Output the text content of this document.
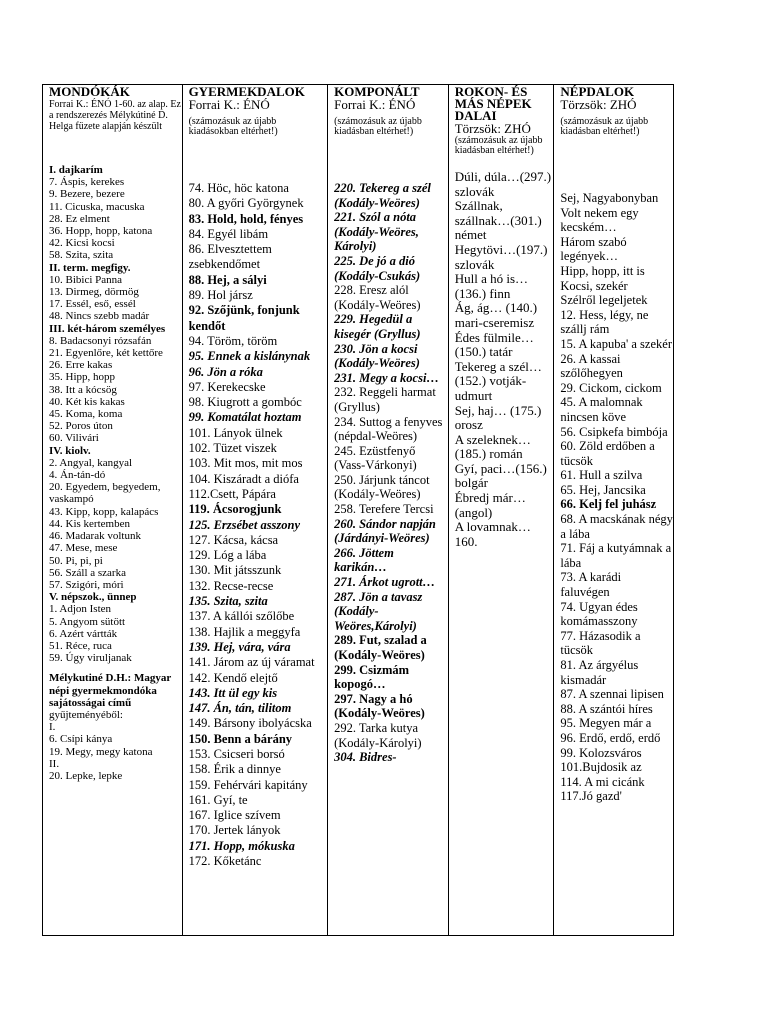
MONDÓKÁK
Forrai K.: ÉNÓ 1-60. az alap. Ez a rendszerezés Mélykútiné D. Helga füzete alapján készült
I. dajkarím
7. Áspis, kerekes
9. Bezere, bezere
11. Cicuska, macuska
28. Ez elment
36. Hopp, hopp, katona
42. Kicsi kocsi
58. Szita, szita
II. term. megfigy.
10. Bibici Panna
13. Dirmeg, dörmög
17. Essél, eső, essél
48. Nincs szebb madár
III. két-három személyes
8. Badacsonyi rózsafán
21. Egyenlőre, két kettőre
26. Erre kakas
35. Hipp, hopp
38. Itt a kócsög
40. Két kis kakas
45. Koma, koma
52. Poros úton
60. Vilivári
IV. kiolv.
2. Angyal, kangyal
4. Án-tán-dó
20. Egyedem, begyedem, vaskampó
43. Kipp, kopp, kalapács
44. Kis kertemben
46. Madarak voltunk
47. Mese, mese
50. Pi, pi, pi
56. Száll a szarka
57. Szigóri, móri
V. népszok., ünnep
1. Adjon Isten
5. Angyom sütött
6. Azért vártták
51. Réce, ruca
59. Úgy viruljanak
Mélykutiné D.H.: Magyar népi gyermekmondóka sajátosságai című
gyűjteményéből:
I.
6. Csípi kánya
19. Megy, megy katona
II.
20. Lepke, lepke
GYERMEKDALOK
Forrai K.: ÉNÓ
(számozásuk az újabb kiadásokban eltérhet!)
74. Höc, höc katona
80. A győri Györgynek
83. Hold, hold, fényes
84. Egyél libám
86. Elvesztettem zsebkendőmet
88. Hej, a sályi
89. Hol jársz
92. Szőjünk, fonjunk kendőt
94. Töröm, töröm
95. Ennek a kislánynak
96. Jön a róka
97. Kerekecske
98. Kiugrott a gombóc
99. Komatálat hoztam
101. Lányok ülnek
102. Tüzet viszek
103. Mit mos, mit mos
104. Kiszáradt a diófa
112.Csett, Pápára
119. Ácsorogjunk
125. Erzsébet asszony
127. Kácsa, kácsa
129. Lóg a lába
130. Mit játsszunk
132. Recse-recse
135. Szita, szita
137. A kállói szőlőbe
138. Hajlik a meggyfa
139. Hej, vára, vára
141. Járom az új váramat
142. Kendő elejtő
143. Itt ül egy kis
147. Án, tán, tilitom
149. Bársony ibolyácska
150. Benn a bárány
153. Csicseri borsó
158. Érik a dinnye
159. Fehérvári kapitány
161. Gyí, te
167. Iglice szívem
170. Jertek lányok
171. Hopp, mókuska
172. Kőketánc
KOMPONÁLT
Forrai K.: ÉNÓ
(számozásuk az újabb kiadásban eltérhet!)
220. Tekereg a szél (Kodály-Weöres)
221. Szól a nóta (Kodály-Weöres, Károlyi)
225. De jó a dió (Kodály-Csukás)
228. Eresz alól (Kodály-Weöres)
229. Hegedül a kisegér (Gryllus)
230. Jön a kocsi (Kodály-Weöres)
231. Megy a kocsi…
232. Reggeli harmat (Gryllus)
234. Suttog a fenyves (népdal-Weöres)
245. Ezüstfenyő (Vass-Várkonyi)
250. Járjunk táncot (Kodály-Weöres)
258. Terefere Tercsi
260. Sándor napján (Járdányi-Weöres)
266. Jöttem karikán…
271. Árkot ugrott…
287. Jön a tavasz (Kodály-Weöres,Károlyi)
289. Fut, szalad a (Kodály-Weöres)
299. Csizmám kopogó…
297. Nagy a hó (Kodály-Weöres)
292. Tarka kutya (Kodály-Károlyi)
304. Bidres-
ROKON- ÉS MÁS NÉPEK DALAI
Törzsök: ZHÓ
(számozásuk az újabb kiadásban eltérhet!)
Dúli, dúla…(297.) szlovák
Szállnak, szállnak…(301.) német
Hegytövi…(197.) szlovák
Hull a hó is…(136.) finn
Ág, ág… (140.) mari-cseremisz
Édes fülmile…(150.) tatár
Tekereg a szél…(152.) votják-udmurt
Sej, haj… (175.) orosz
A szeleknek…(185.) román
Gyí, paci…(156.) bolgár
Ébredj már…(angol)
A lovamnak…160.
NÉPDALOK
Törzsök: ZHÓ
(számozásuk az újabb kiadásban eltérhet!)
Sej, Nagyabonyban
Volt nekem egy kecském…
Három szabó legények…
Hipp, hopp, itt is Kocsi, szekér
Szélről legeljetek
12. Hess, légy, ne szállj rám
15. A kapuba' a szekér
26. A kassai szőlőhegyen
29. Cickom, cickom
45. A malomnak nincsen köve
56. Csipkefa bimbója
60. Zöld erdőben a tücsök
61. Hull a szilva
65. Hej, Jancsika
66. Kelj fel juhász
68. A macskának négy a lába
71. Fáj a kutyámnak a lába
73. A karádi faluvégen
74. Ugyan édes komámasszony
77. Házasodik a tücsök
81. Az árgyélus kismadár
87. A szennai lipisen
88. A szántói híres
95. Megyen már a
96. Erdő, erdő, erdő
99. Kolozsváros
101.Bujdosik az
114. A mi cicánk
117.Jó gazd'
